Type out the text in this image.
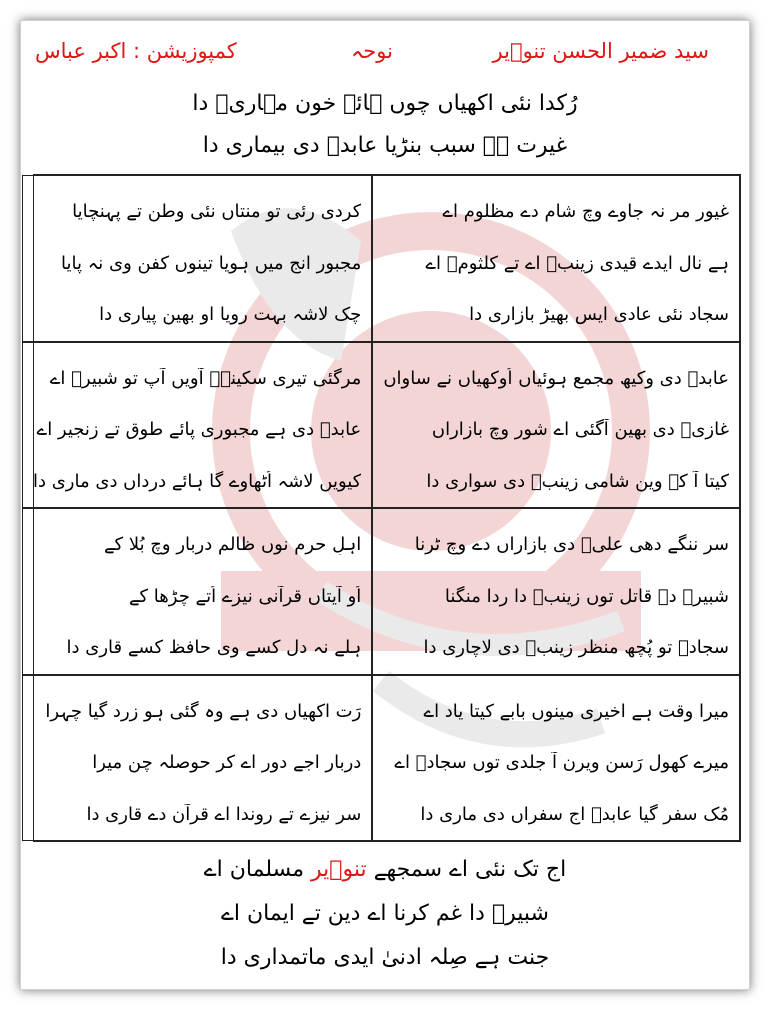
سید ضمیر الحسن تنوؔیر
نوحہ
کمپوزیشن : اکبر عباس
رُکدا نئی اکھیاں چوں ہائے خون مہاریؑ دا
غیرت ہے سبب بنڑیا عابدؑ دی بیماری دا
غیور مر نہ جاوے وچ شام دے مظلوم اے
ہے نال ایدے قیدی زینبؑ اے تے کلثومؑ اے
سجاد نئی عادی ایس بھیڑ بازاری دا
کردی رئی تو منتاں نئی وطن تے پہنچایا
مجبور انج میں ہویا تینوں کفن وی نہ پایا
چک لاشہ بہت رویا او بھین پیاری دا
عابدؑ دی وکیھ مجمع ہوئیاں اُوکھیاں نے ساواں
غازیؑ دی بھین آگئی اے شور وچ بازاراں
کیتا آ کے وین شامی زینبؑ دی سواری دا
مرگئی تیری سکینہؑ آویں آپ تو شبیرؑ اے
عابدؑ دی ہے مجبوری پائے طوق تے زنجیر اے
کیویں لاشہ اُٹھاوے گا ہائے درداں دی ماری دا
سر ننگے دھی علیؑ دی بازاراں دے وچ ٹرنا
شبیرؑ دے قاتل توں زینبؑ دا ردا منگنا
سجادؑ تو پُچھ منظر زینبؑ دی لاچاری دا
اہلِ حرم نوں ظالم دربار وچ بُلا کے
اُو آیتاں قرآنی نیزے اُتے چڑھا کے
ہلے نہ دل کسے وی حافظ کسے قاری دا
میرا وقت ہے اخیری مینوں بابے کیتا یاد اے
میرے کھول رَسن ویرن آ جلدی توں سجادؑ اے
مُک سفر گیا عابدؑ اج سفراں دی ماری دا
رَت اکھیاں دی ہے وہ گئی ہو زرد گیا چہرا
دربار اجے دور اے کر حوصلہ چن میرا
سر نیزے تے روندا اے قرآن دے قاری دا
اج تک نئی اے سمجھے تنوؔیر مسلمان اے
شبیرؑ دا غم کرنا اے دین تے ایمان اے
جنت ہے صِلہ ادنیٰ ایدی ماتمداری دا
